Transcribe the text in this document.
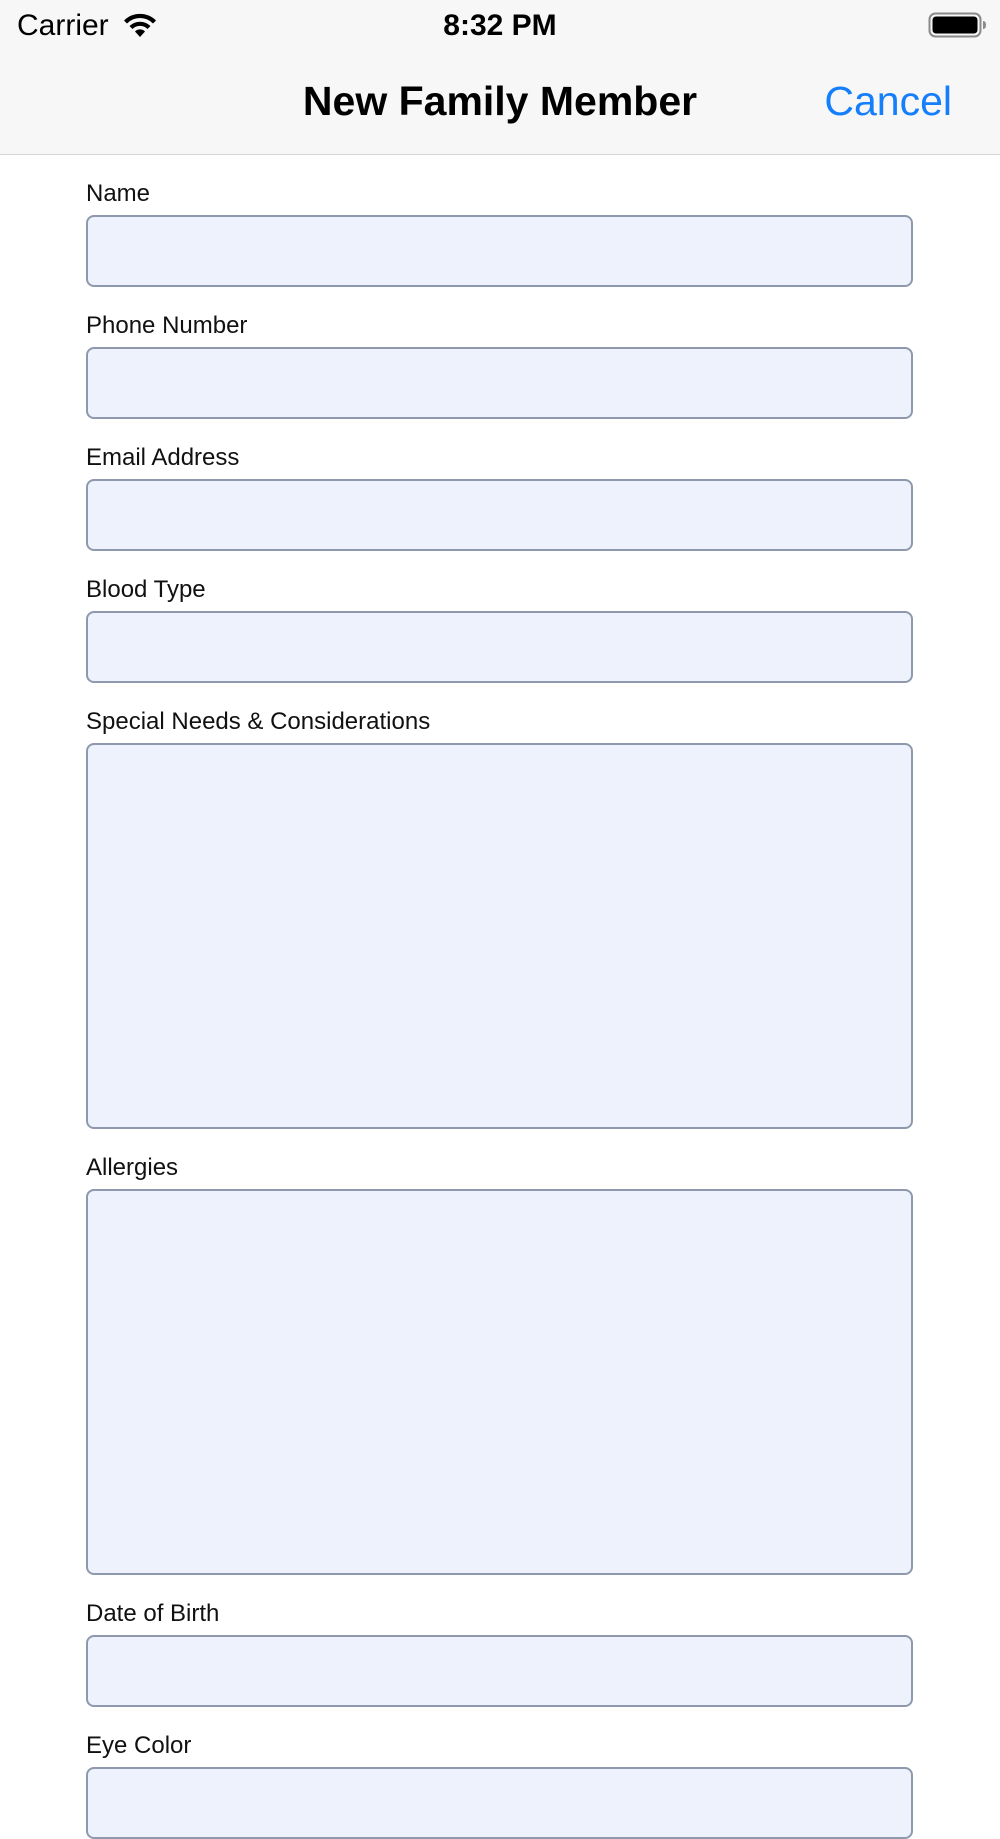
Carrier	8:32 PM
New Family Member	Cancel
Name
Phone Number
Email Address
Blood Type
Special Needs & Considerations
Allergies
Date of Birth
Eye Color
